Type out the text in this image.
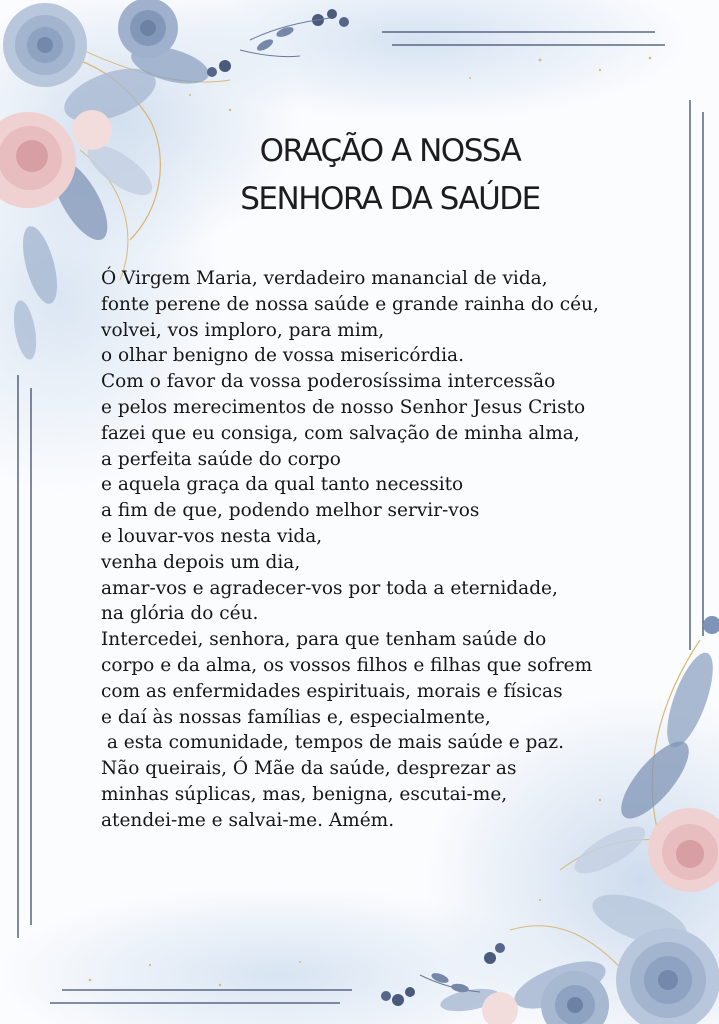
ORAÇÃO A NOSSA
SENHORA DA SAÚDE
Ó Virgem Maria, verdadeiro manancial de vida,
fonte perene de nossa saúde e grande rainha do céu,
volvei, vos imploro, para mim,
o olhar benigno de vossa misericórdia.
Com o favor da vossa poderosíssima intercessão
e pelos merecimentos de nosso Senhor Jesus Cristo
fazei que eu consiga, com salvação de minha alma,
a perfeita saúde do corpo
e aquela graça da qual tanto necessito
a fim de que, podendo melhor servir-vos
e louvar-vos nesta vida,
venha depois um dia,
amar-vos e agradecer-vos por toda a eternidade,
na glória do céu.
Intercedei, senhora, para que tenham saúde do
corpo e da alma, os vossos filhos e filhas que sofrem
com as enfermidades espirituais, morais e físicas
e daí às nossas famílias e, especialmente,
a esta comunidade, tempos de mais saúde e paz.
Não queirais, Ó Mãe da saúde, desprezar as
minhas súplicas, mas, benigna, escutai-me,
atendei-me e salvai-me. Amém.
